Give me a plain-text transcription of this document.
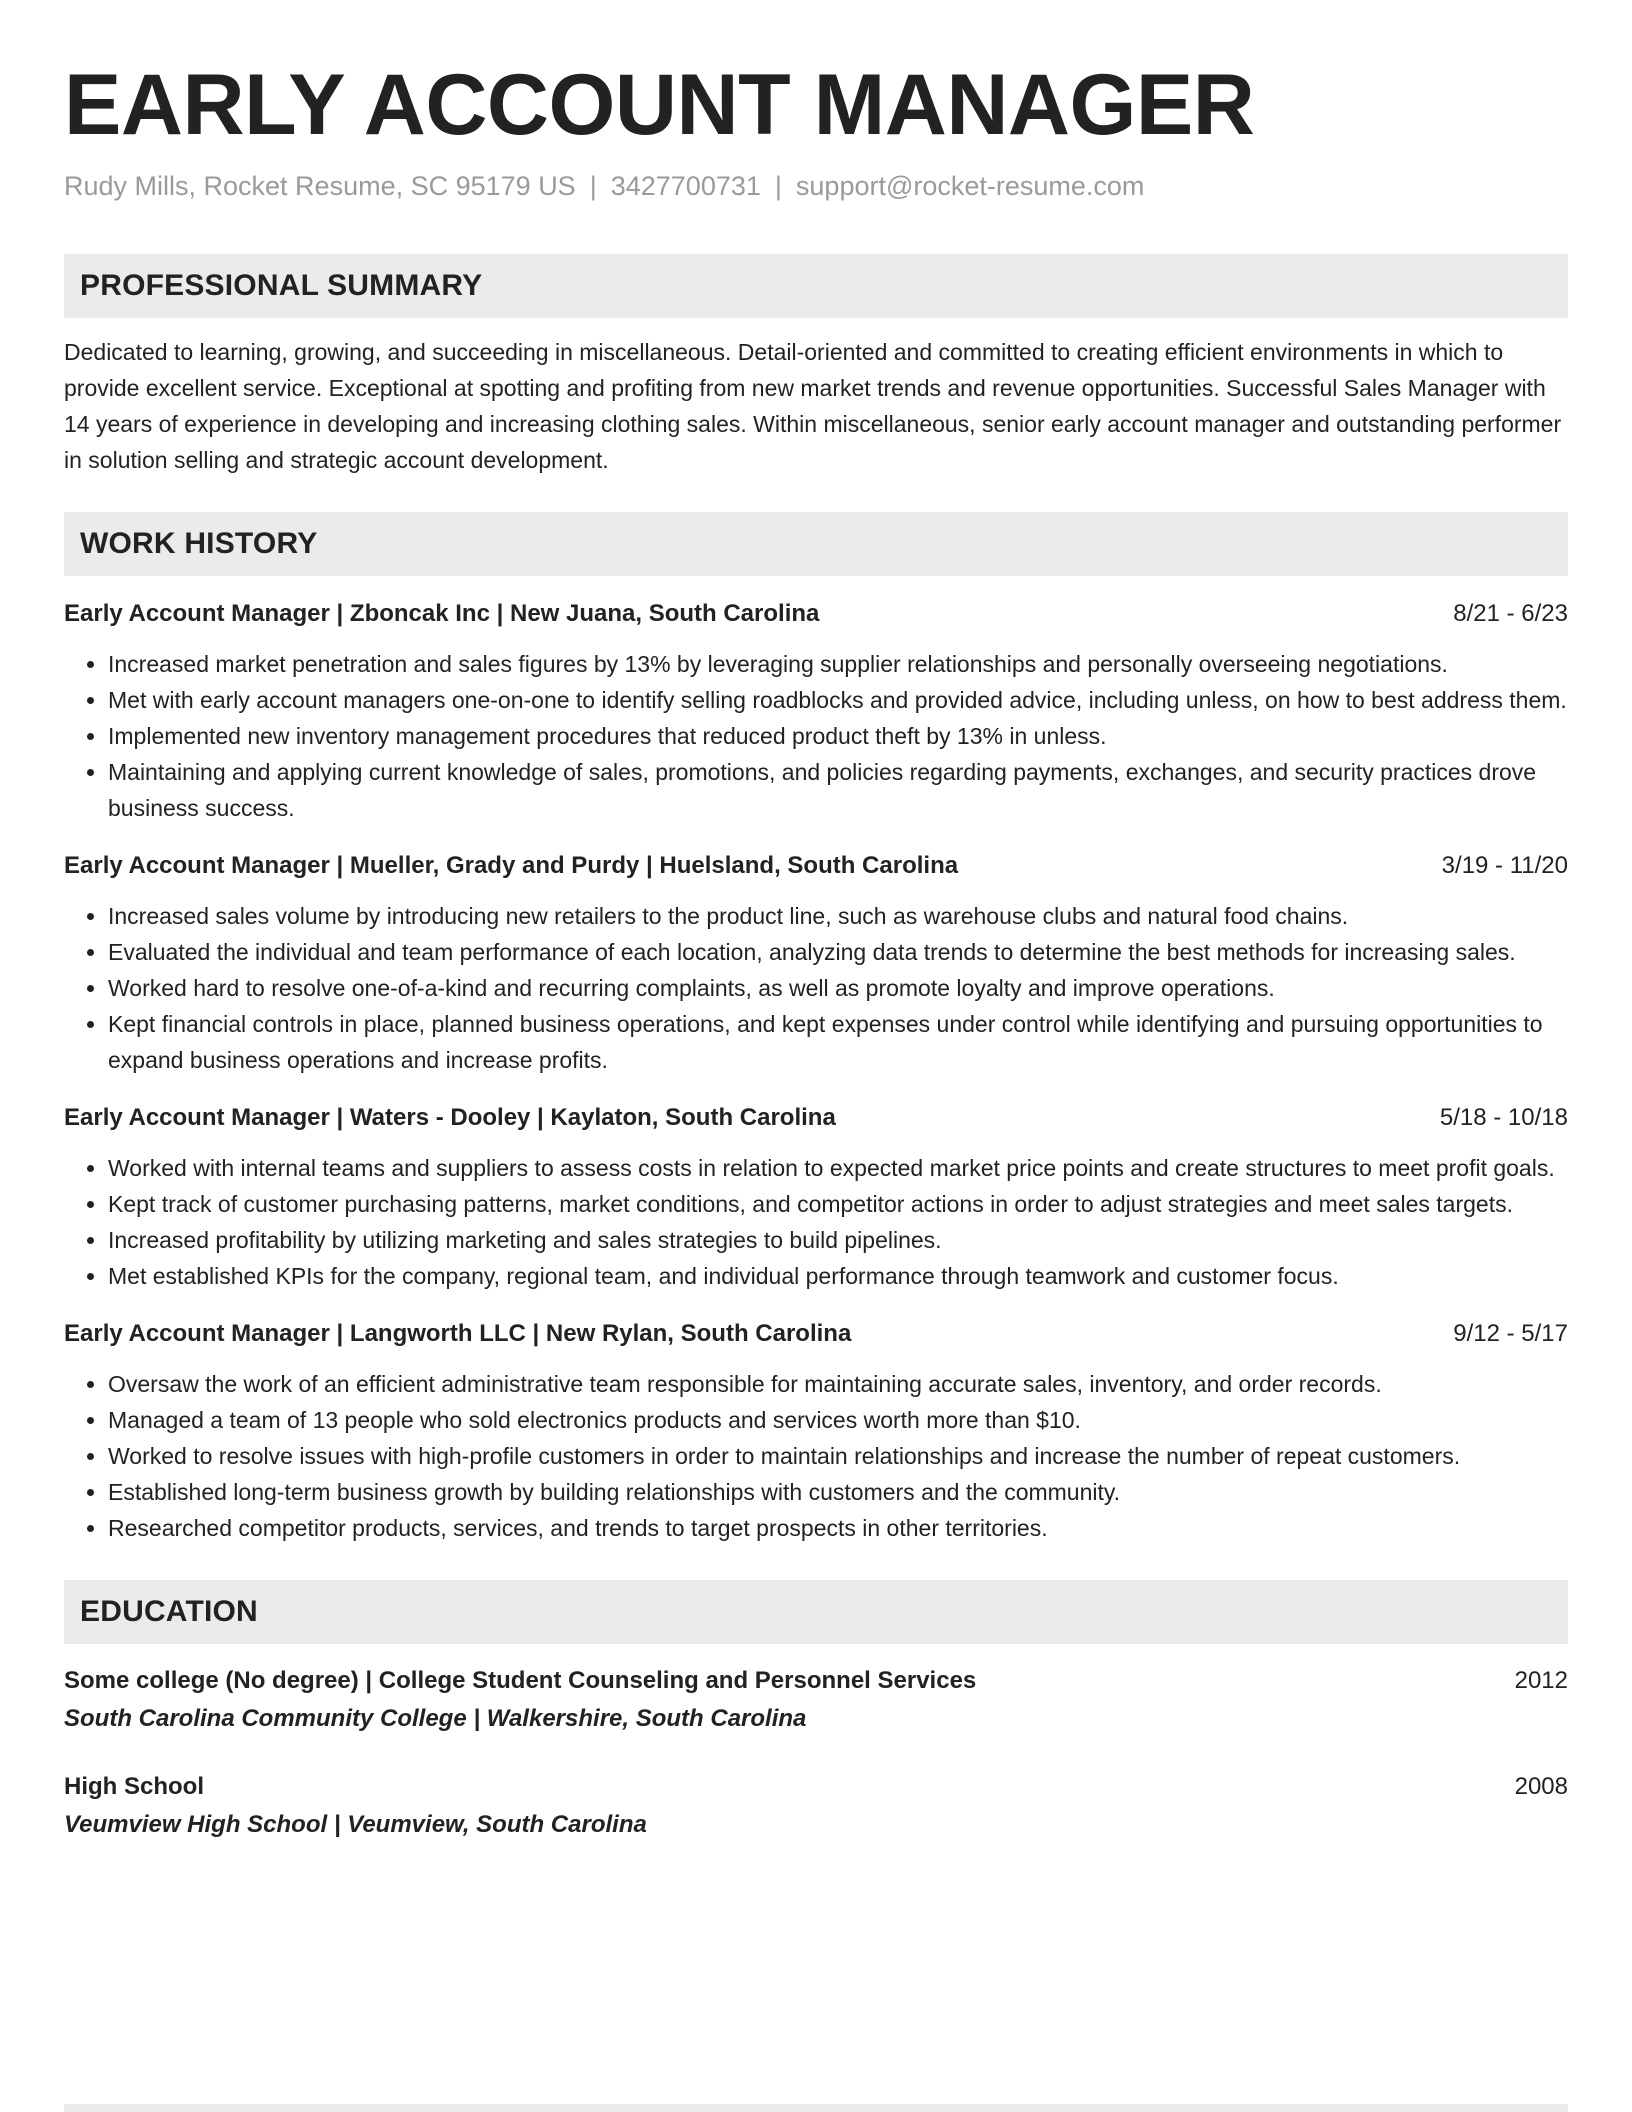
EARLY ACCOUNT MANAGER
Rudy Mills, Rocket Resume, SC 95179 US | 3427700731 | support@rocket-resume.com
PROFESSIONAL SUMMARY

Dedicated to learning, growing, and succeeding in miscellaneous. Detail-oriented and committed to creating efficient environments in which to provide excellent service. Exceptional at spotting and profiting from new market trends and revenue opportunities. Successful Sales Manager with 14 years of experience in developing and increasing clothing sales. Within miscellaneous, senior early account manager and outstanding performer in solution selling and strategic account development.

WORK HISTORY
Early Account Manager | Zboncak Inc | New Juana, South Carolina	8/21 - 6/23
• Increased market penetration and sales figures by 13% by leveraging supplier relationships and personally overseeing negotiations.
• Met with early account managers one-on-one to identify selling roadblocks and provided advice, including unless, on how to best address them.
• Implemented new inventory management procedures that reduced product theft by 13% in unless.
• Maintaining and applying current knowledge of sales, promotions, and policies regarding payments, exchanges, and security practices drove business success.
Early Account Manager | Mueller, Grady and Purdy | Huelsland, South Carolina	3/19 - 11/20
• Increased sales volume by introducing new retailers to the product line, such as warehouse clubs and natural food chains.
• Evaluated the individual and team performance of each location, analyzing data trends to determine the best methods for increasing sales.
• Worked hard to resolve one-of-a-kind and recurring complaints, as well as promote loyalty and improve operations.
• Kept financial controls in place, planned business operations, and kept expenses under control while identifying and pursuing opportunities to expand business operations and increase profits.
Early Account Manager | Waters - Dooley | Kaylaton, South Carolina	5/18 - 10/18
• Worked with internal teams and suppliers to assess costs in relation to expected market price points and create structures to meet profit goals.
• Kept track of customer purchasing patterns, market conditions, and competitor actions in order to adjust strategies and meet sales targets.
• Increased profitability by utilizing marketing and sales strategies to build pipelines.
• Met established KPIs for the company, regional team, and individual performance through teamwork and customer focus.
Early Account Manager | Langworth LLC | New Rylan, South Carolina	9/12 - 5/17
• Oversaw the work of an efficient administrative team responsible for maintaining accurate sales, inventory, and order records.
• Managed a team of 13 people who sold electronics products and services worth more than $10.
• Worked to resolve issues with high-profile customers in order to maintain relationships and increase the number of repeat customers.
• Established long-term business growth by building relationships with customers and the community.
• Researched competitor products, services, and trends to target prospects in other territories.
EDUCATION
Some college (No degree) | College Student Counseling and Personnel Services	2012
South Carolina Community College | Walkershire, South Carolina
High School	2008
Veumview High School | Veumview, South Carolina
